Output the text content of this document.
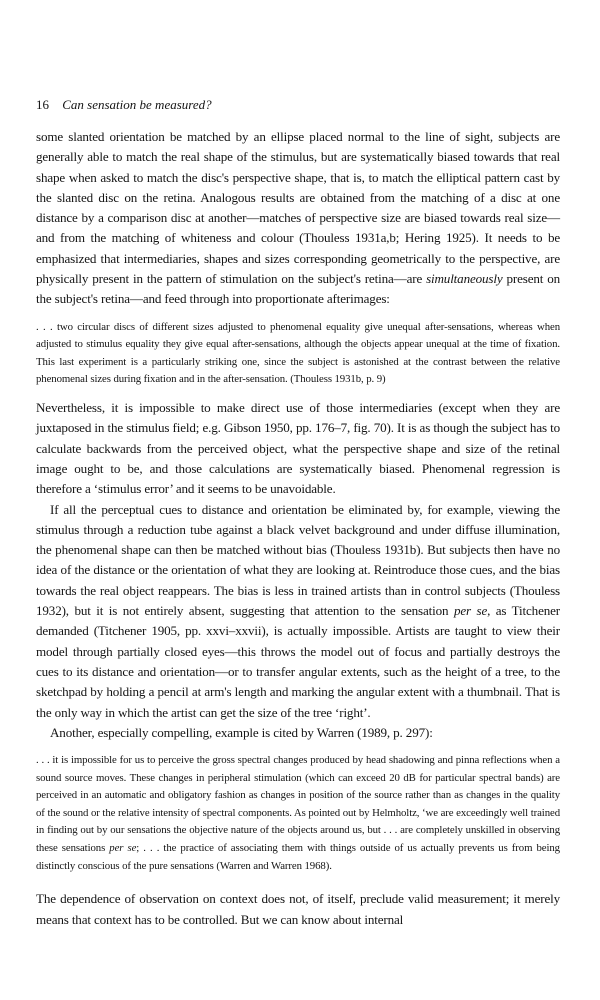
16 Can sensation be measured?

some slanted orientation be matched by an ellipse placed normal to the line of sight, subjects are generally able to match the real shape of the stimulus, but are systematically biased towards that real shape when asked to match the disc's perspective shape, that is, to match the elliptical pattern cast by the slanted disc on the retina. Analogous results are obtained from the matching of a disc at one distance by a comparison disc at another—matches of perspective size are biased towards real size—and from the matching of whiteness and colour (Thouless 1931a,b; Hering 1925). It needs to be emphasized that intermediaries, shapes and sizes corresponding geometrically to the perspective, are physically present in the pattern of stimulation on the subject's retina—are simultaneously present on the subject's retina—and feed through into proportionate afterimages:

. . . two circular discs of different sizes adjusted to phenomenal equality give unequal after-sensations, whereas when adjusted to stimulus equality they give equal after-sensations, although the objects appear unequal at the time of fixation. This last experiment is a particularly striking one, since the subject is astonished at the contrast between the relative phenomenal sizes during fixation and in the after-sensation. (Thouless 1931b, p. 9)

Nevertheless, it is impossible to make direct use of those intermediaries (except when they are juxtaposed in the stimulus field; e.g. Gibson 1950, pp. 176–7, fig. 70). It is as though the subject has to calculate backwards from the perceived object, what the perspective shape and size of the retinal image ought to be, and those calculations are systematically biased. Phenomenal regression is therefore a ‘stimulus error’ and it seems to be unavoidable.

If all the perceptual cues to distance and orientation be eliminated by, for example, viewing the stimulus through a reduction tube against a black velvet background and under diffuse illumination, the phenomenal shape can then be matched without bias (Thouless 1931b). But subjects then have no idea of the distance or the orientation of what they are looking at. Reintroduce those cues, and the bias towards the real object reappears. The bias is less in trained artists than in control subjects (Thouless 1932), but it is not entirely absent, suggesting that attention to the sensation per se, as Titchener demanded (Titchener 1905, pp. xxvi–xxvii), is actually impossible. Artists are taught to view their model through partially closed eyes—this throws the model out of focus and partially destroys the cues to its distance and orientation—or to transfer angular extents, such as the height of a tree, to the sketchpad by holding a pencil at arm's length and marking the angular extent with a thumbnail. That is the only way in which the artist can get the size of the tree ‘right’.

Another, especially compelling, example is cited by Warren (1989, p. 297):

. . . it is impossible for us to perceive the gross spectral changes produced by head shadowing and pinna reflections when a sound source moves. These changes in peripheral stimulation (which can exceed 20 dB for particular spectral bands) are perceived in an automatic and obligatory fashion as changes in position of the source rather than as changes in the quality of the sound or the relative intensity of spectral components. As pointed out by Helmholtz, ‘we are exceedingly well trained in finding out by our sensations the objective nature of the objects around us, but . . . are completely unskilled in observing these sensations per se; . . . the practice of associating them with things outside of us actually prevents us from being distinctly conscious of the pure sensations (Warren and Warren 1968).

The dependence of observation on context does not, of itself, preclude valid measurement; it merely means that context has to be controlled. But we can know about internal
